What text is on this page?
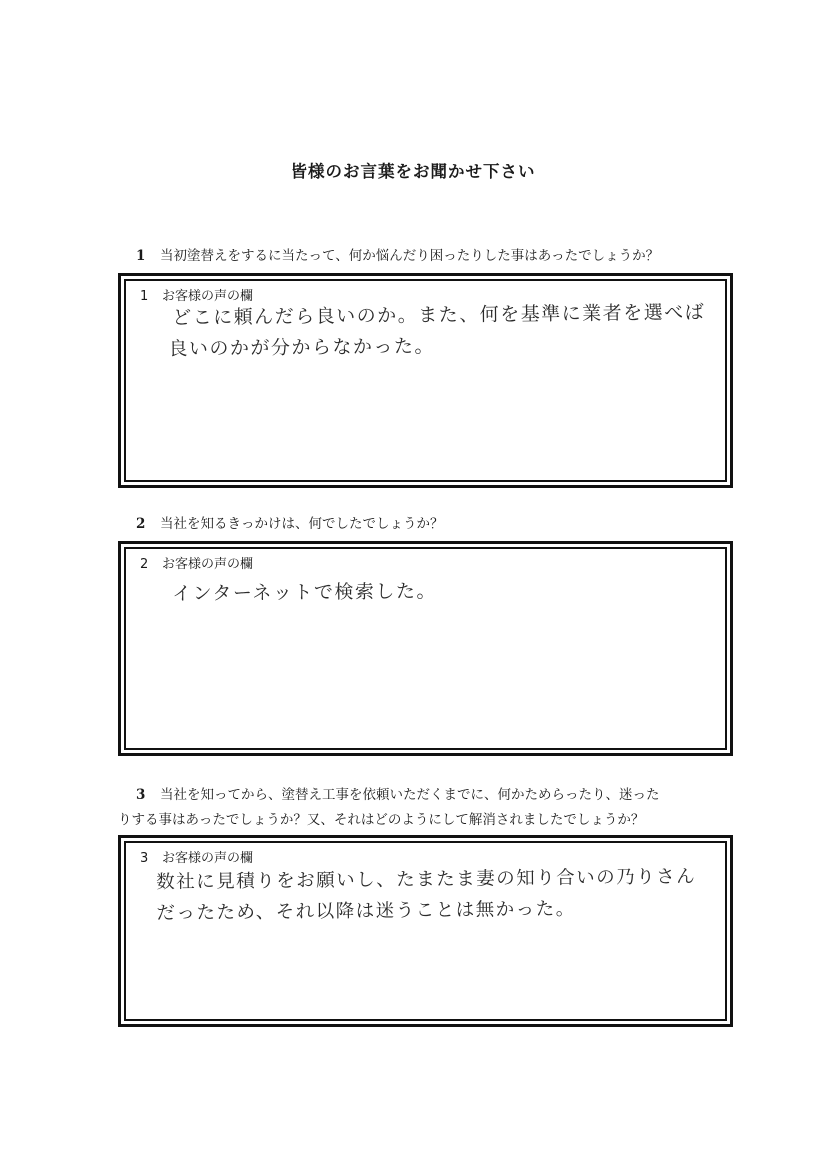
皆様のお言葉をお聞かせ下さい
1 当初塗替えをするに当たって、何か悩んだり困ったりした事はあったでしょうか？
1 お客様の声の欄
どこに頼んだら良いのか。また、何を基準に業者を選べば
良いのかが分からなかった。
2 当社を知るきっかけは、何でしたでしょうか？
2 お客様の声の欄
インターネットで検索した。
3 当社を知ってから、塗替え工事を依頼いただくまでに、何かためらったり、迷った
りする事はあったでしょうか？又、それはどのようにして解消されましたでしょうか？
3 お客様の声の欄
数社に見積りをお願いし、たまたま妻の知り合いの乃りさん
だったため、それ以降は迷うことは無かった。
